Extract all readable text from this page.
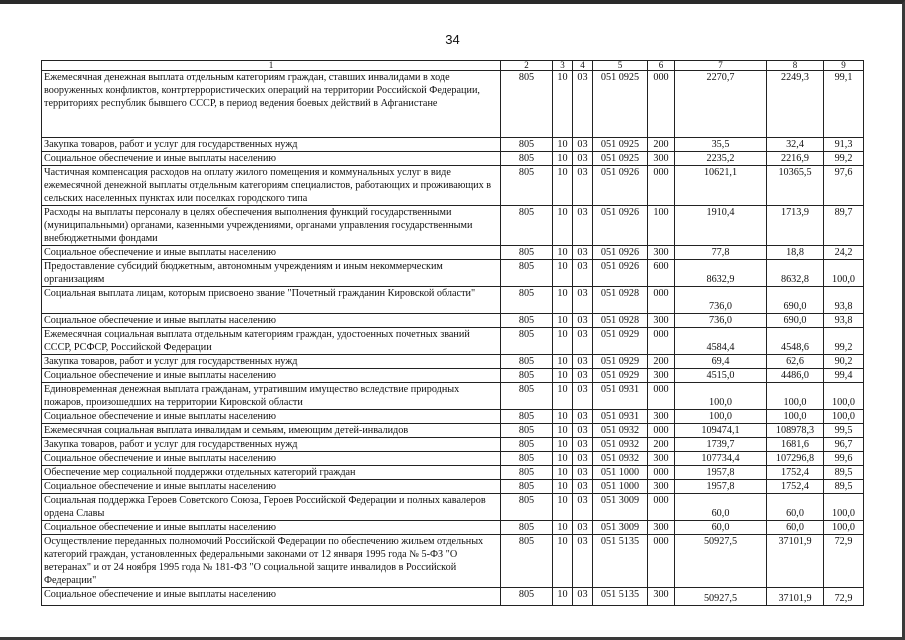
34
1	2	3	4	5	6	7	8	9
Ежемесячная денежная выплата отдельным категориям граждан, ставших инвалидами в ходе вооруженных конфликтов, контртеррористических операций на территории Российской Федерации, территориях республик бывшего СССР, в период ведения боевых действий в Афганистане	805	10	03	051 0925	000	2270,7	2249,3	99,1
Закупка товаров, работ и услуг для государственных нужд	805	10	03	051 0925	200	35,5	32,4	91,3
Социальное обеспечение и иные выплаты населению	805	10	03	051 0925	300	2235,2	2216,9	99,2
Частичная компенсация расходов на оплату жилого помещения и коммунальных услуг в виде ежемесячной денежной выплаты отдельным категориям специалистов, работающих и проживающих в сельских населенных пунктах или поселках городского типа	805	10	03	051 0926	000	10621,1	10365,5	97,6
Расходы на выплаты персоналу в целях обеспечения выполнения функций государственными (муниципальными) органами, казенными учреждениями, органами управления государственными внебюджетными фондами	805	10	03	051 0926	100	1910,4	1713,9	89,7
Социальное обеспечение и иные выплаты населению	805	10	03	051 0926	300	77,8	18,8	24,2
Предоставление субсидий бюджетным, автономным учреждениям и иным некоммерческим организациям	805	10	03	051 0926	600	8632,9	8632,8	100,0
Социальная выплата лицам, которым присвоено звание "Почетный гражданин Кировской области"	805	10	03	051 0928	000	736,0	690,0	93,8
Социальное обеспечение и иные выплаты населению	805	10	03	051 0928	300	736,0	690,0	93,8
Ежемесячная социальная выплата отдельным категориям граждан, удостоенных почетных званий СССР, РСФСР, Российской Федерации	805	10	03	051 0929	000	4584,4	4548,6	99,2
Закупка товаров, работ и услуг для государственных нужд	805	10	03	051 0929	200	69,4	62,6	90,2
Социальное обеспечение и иные выплаты населению	805	10	03	051 0929	300	4515,0	4486,0	99,4
Единовременная денежная выплата гражданам, утратившим имущество вследствие природных пожаров, произошедших на территории Кировской области	805	10	03	051 0931	000	100,0	100,0	100,0
Социальное обеспечение и иные выплаты населению	805	10	03	051 0931	300	100,0	100,0	100,0
Ежемесячная социальная выплата инвалидам и семьям, имеющим детей-инвалидов	805	10	03	051 0932	000	109474,1	108978,3	99,5
Закупка товаров, работ и услуг для государственных нужд	805	10	03	051 0932	200	1739,7	1681,6	96,7
Социальное обеспечение и иные выплаты населению	805	10	03	051 0932	300	107734,4	107296,8	99,6
Обеспечение мер социальной поддержки отдельных категорий граждан	805	10	03	051 1000	000	1957,8	1752,4	89,5
Социальное обеспечение и иные выплаты населению	805	10	03	051 1000	300	1957,8	1752,4	89,5
Социальная поддержка Героев Советского Союза, Героев Российской Федерации и полных кавалеров ордена Славы	805	10	03	051 3009	000	60,0	60,0	100,0
Социальное обеспечение и иные выплаты населению	805	10	03	051 3009	300	60,0	60,0	100,0
Осуществление переданных полномочий Российской Федерации по обеспечению жильем отдельных категорий граждан, установленных федеральными законами от 12 января 1995 года № 5-ФЗ "О ветеранах" и от 24 ноября 1995 года № 181-ФЗ "О социальной защите инвалидов в Российской Федерации"	805	10	03	051 5135	000	50927,5	37101,9	72,9
Социальное обеспечение и иные выплаты населению	805	10	03	051 5135	300	50927,5	37101,9	72,9
